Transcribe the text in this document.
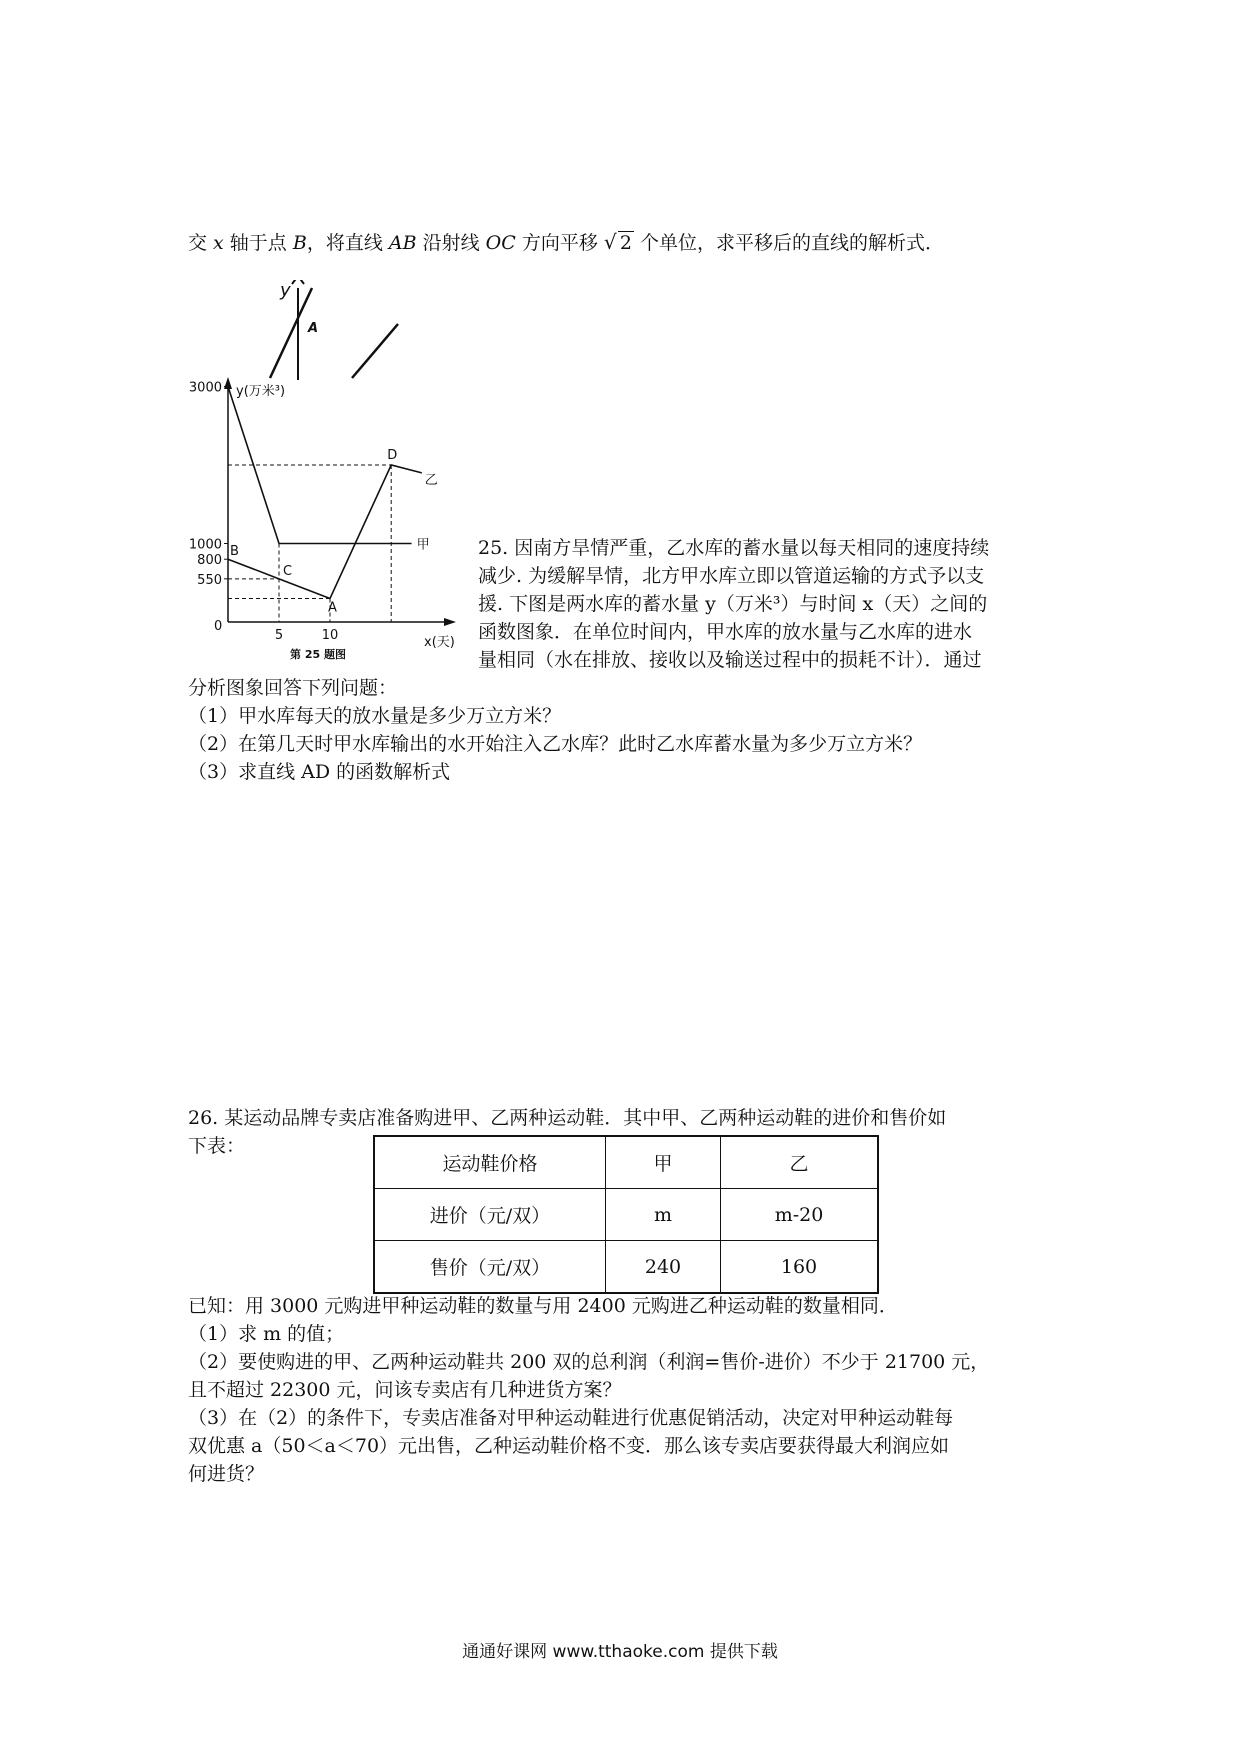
交 x 轴于点 B，将直线 AB 沿射线 OC 方向平移 √ 2 个单位，求平移后的直线的解析式．
y
A
甲
乙
B
C
A
D
3000
1000
800
550
5	10
0
y(万米³)
x(天)
第 25 题图
25. 因南方旱情严重，乙水库的蓄水量以每天相同的速度持续
减少. 为缓解旱情，北方甲水库立即以管道运输的方式予以支
援. 下图是两水库的蓄水量 y（万米³）与时间 x（天）之间的
函数图象．在单位时间内，甲水库的放水量与乙水库的进水
量相同（水在排放、接收以及输送过程中的损耗不计）．通过
分析图象回答下列问题：
（1）甲水库每天的放水量是多少万立方米？
（2）在第几天时甲水库输出的水开始注入乙水库？此时乙水库蓄水量为多少万立方米？
（3）求直线 AD 的函数解析式
26. 某运动品牌专卖店准备购进甲、乙两种运动鞋．其中甲、乙两种运动鞋的进价和售价如
下表：
运动鞋价格	甲	乙
进价（元/双）	m	m-20
售价（元/双）	240	160
已知：用 3000 元购进甲种运动鞋的数量与用 2400 元购进乙种运动鞋的数量相同．
（1）求 m 的值；
（2）要使购进的甲、乙两种运动鞋共 200 双的总利润（利润=售价-进价）不少于 21700 元，
且不超过 22300 元，问该专卖店有几种进货方案？
（3）在（2）的条件下，专卖店准备对甲种运动鞋进行优惠促销活动，决定对甲种运动鞋每
双优惠 a（50＜a＜70）元出售，乙种运动鞋价格不变．那么该专卖店要获得最大利润应如
何进货？
通通好课网 www.tthaoke.com 提供下载
